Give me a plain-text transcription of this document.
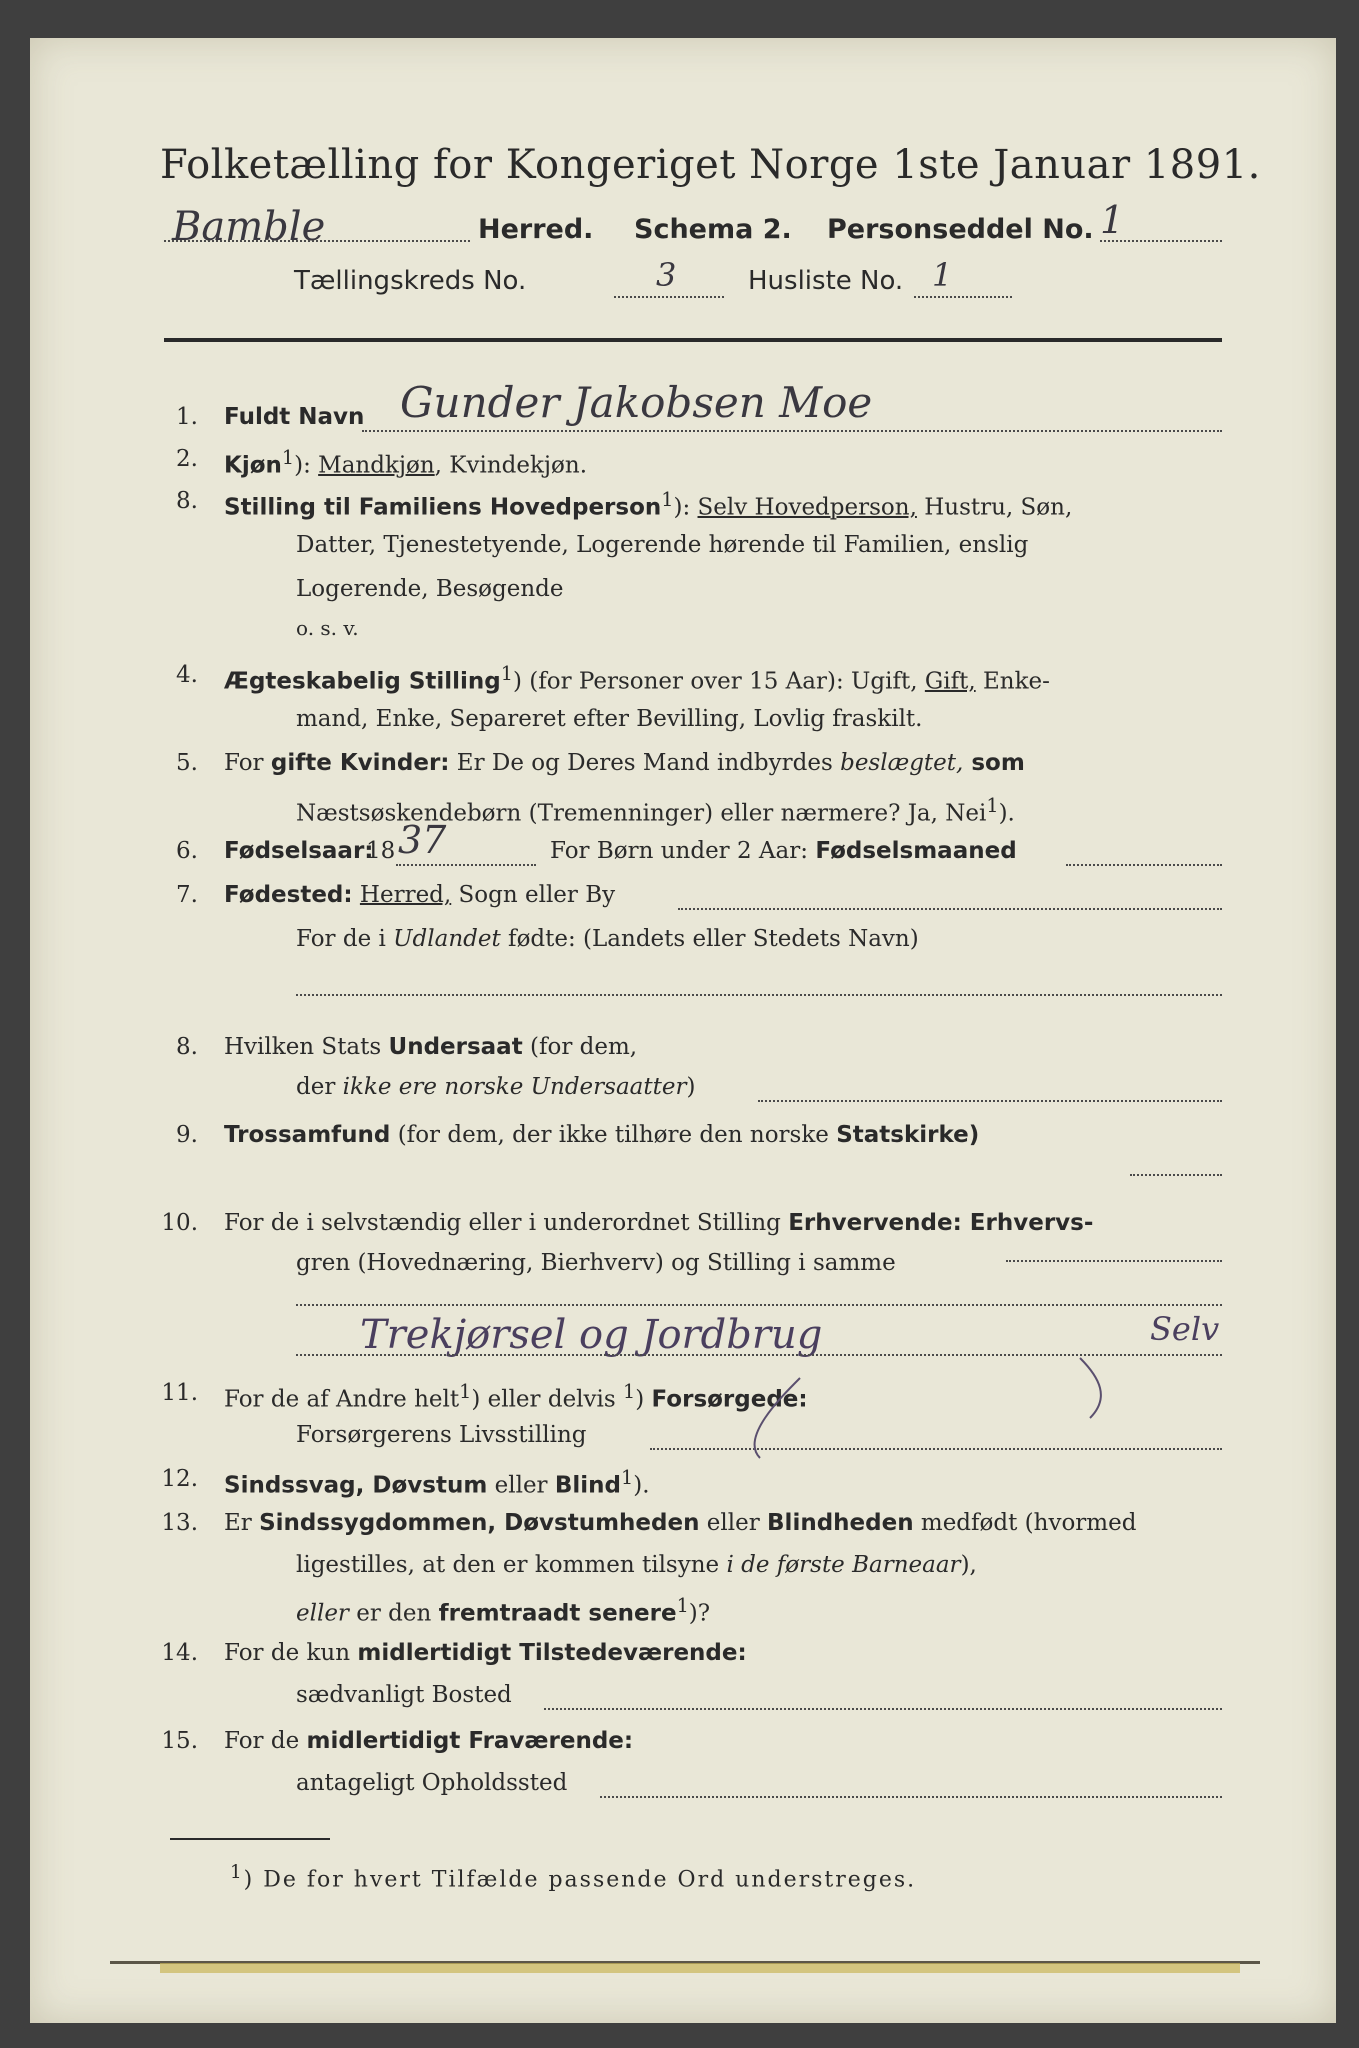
Folketælling for Kongeriget Norge 1ste Januar 1891.
Bamble	Herred. Schema 2. Personseddel No. 1
Tællingskreds No.	3	Husliste No. 1
1. Fuldt Navn Gunder Jakobsen Moe
2. Kjøn$^1$): Mandkjøn, Kvindekjøn.
8. Stilling til Familiens Hovedperson$^1$): Selv Hovedperson, Hustru, Søn,
Datter, Tjenestetyende, Logerende hørende til Familien, enslig
Logerende, Besøgende
o. s. v.
4. Ægteskabelig Stilling$^1$) (for Personer over 15 Aar): Ugift, Gift, Enke-
mand, Enke, Separeret efter Bevilling, Lovlig fraskilt.
5. For gifte Kvinder: Er De og Deres Mand indbyrdes beslægtet, som
Næstsøskendebørn (Tremenninger) eller nærmere? Ja, Nei$^1$).
6. Fødselsaar:
18 37	For Børn under 2 Aar: Fødselsmaaned
7. Fødested: Herred, Sogn eller By
For de i Udlandet fødte: (Landets eller Stedets Navn)
8. Hvilken Stats Undersaat (for dem,
der ikke ere norske Undersaatter)
9. Trossamfund (for dem, der ikke tilhøre den norske Statskirke)
10. For de i selvstændig eller i underordnet Stilling Erhvervende: Erhvervs-
gren (Hovednæring, Bierhverv) og Stilling i samme
Trekjørsel og Jordbrug	Selv
11. For de af Andre helt$^1$) eller delvis $^1$) Forsørgede:
Forsørgerens Livsstilling
12. Sindssvag, Døvstum eller Blind$^1$).
13. Er Sindssygdommen, Døvstumheden eller Blindheden medfødt (hvormed
ligestilles, at den er kommen tilsyne i de første Barneaar),
eller er den fremtraadt senere$^1$)?
14. For de kun midlertidigt Tilstedeværende:
sædvanligt Bosted
15. For de midlertidigt Fraværende:
antageligt Opholdssted
$^1$) De for hvert Tilfælde passende Ord understreges.
